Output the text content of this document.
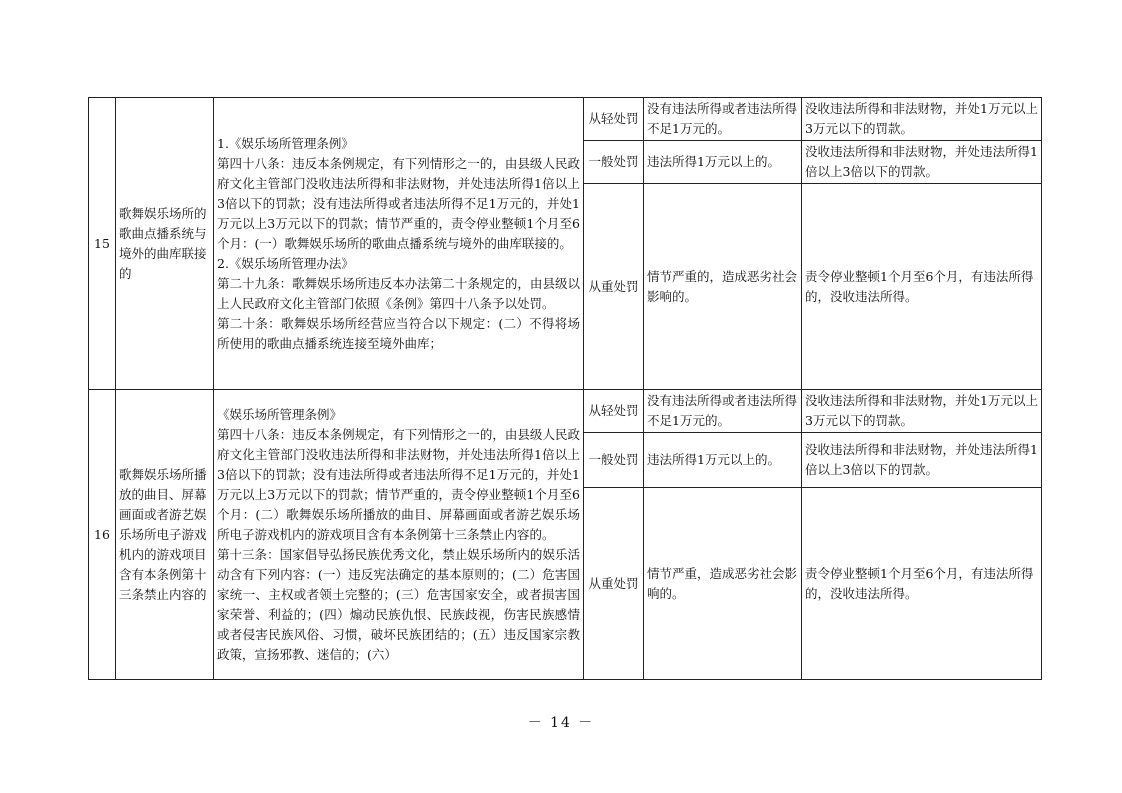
15	歌舞娱乐场所的歌曲点播系统与境外的曲库联接的	1.《娱乐场所管理条例》

第四十八条：违反本条例规定，有下列情形之一的，由县级人民政府文化主管部门没收违法所得和非法财物，并处违法所得1倍以上3倍以下的罚款；没有违法所得或者违法所得不足1万元的，并处1万元以上3万元以下的罚款；情节严重的，责令停业整顿1个月至6个月：(一）歌舞娱乐场所的歌曲点播系统与境外的曲库联接的。

2.《娱乐场所管理办法》

第二十九条：歌舞娱乐场所违反本办法第二十条规定的，由县级以上人民政府文化主管部门依照《条例》第四十八条予以处罚。

第二十条：歌舞娱乐场所经营应当符合以下规定：(二）不得将场所使用的歌曲点播系统连接至境外曲库；	从轻处罚	没有违法所得或者违法所得不足1万元的。	没收违法所得和非法财物，并处1万元以上3万元以下的罚款。
			一般处罚	违法所得1万元以上的。	没收违法所得和非法财物，并处违法所得1倍以上3倍以下的罚款。
			从重处罚	情节严重的，造成恶劣社会影响的。	责令停业整顿1个月至6个月，有违法所得的，没收违法所得。
16	歌舞娱乐场所播放的曲目、屏幕画面或者游艺娱乐场所电子游戏机内的游戏项目含有本条例第十三条禁止内容的	《娱乐场所管理条例》

第四十八条：违反本条例规定，有下列情形之一的，由县级人民政府文化主管部门没收违法所得和非法财物，并处违法所得1倍以上3倍以下的罚款；没有违法所得或者违法所得不足1万元的，并处1万元以上3万元以下的罚款；情节严重的，责令停业整顿1个月至6个月：(二）歌舞娱乐场所播放的曲目、屏幕画面或者游艺娱乐场所电子游戏机内的游戏项目含有本条例第十三条禁止内容的。

第十三条：国家倡导弘扬民族优秀文化，禁止娱乐场所内的娱乐活动含有下列内容：(一）违反宪法确定的基本原则的；(二）危害国家统一、主权或者领土完整的；(三）危害国家安全，或者损害国家荣誉、利益的；(四）煽动民族仇恨、民族歧视，伤害民族感情或者侵害民族风俗、习惯，破坏民族团结的；(五）违反国家宗教政策，宣扬邪教、迷信的；(六）	从轻处罚	没有违法所得或者违法所得不足1万元的。	没收违法所得和非法财物，并处1万元以上3万元以下的罚款。
			一般处罚	违法所得1万元以上的。	没收违法所得和非法财物，并处违法所得1倍以上3倍以下的罚款。
			从重处罚	情节严重，造成恶劣社会影响的。	责令停业整顿1个月至6个月，有违法所得的，没收违法所得。
－ 14 －
